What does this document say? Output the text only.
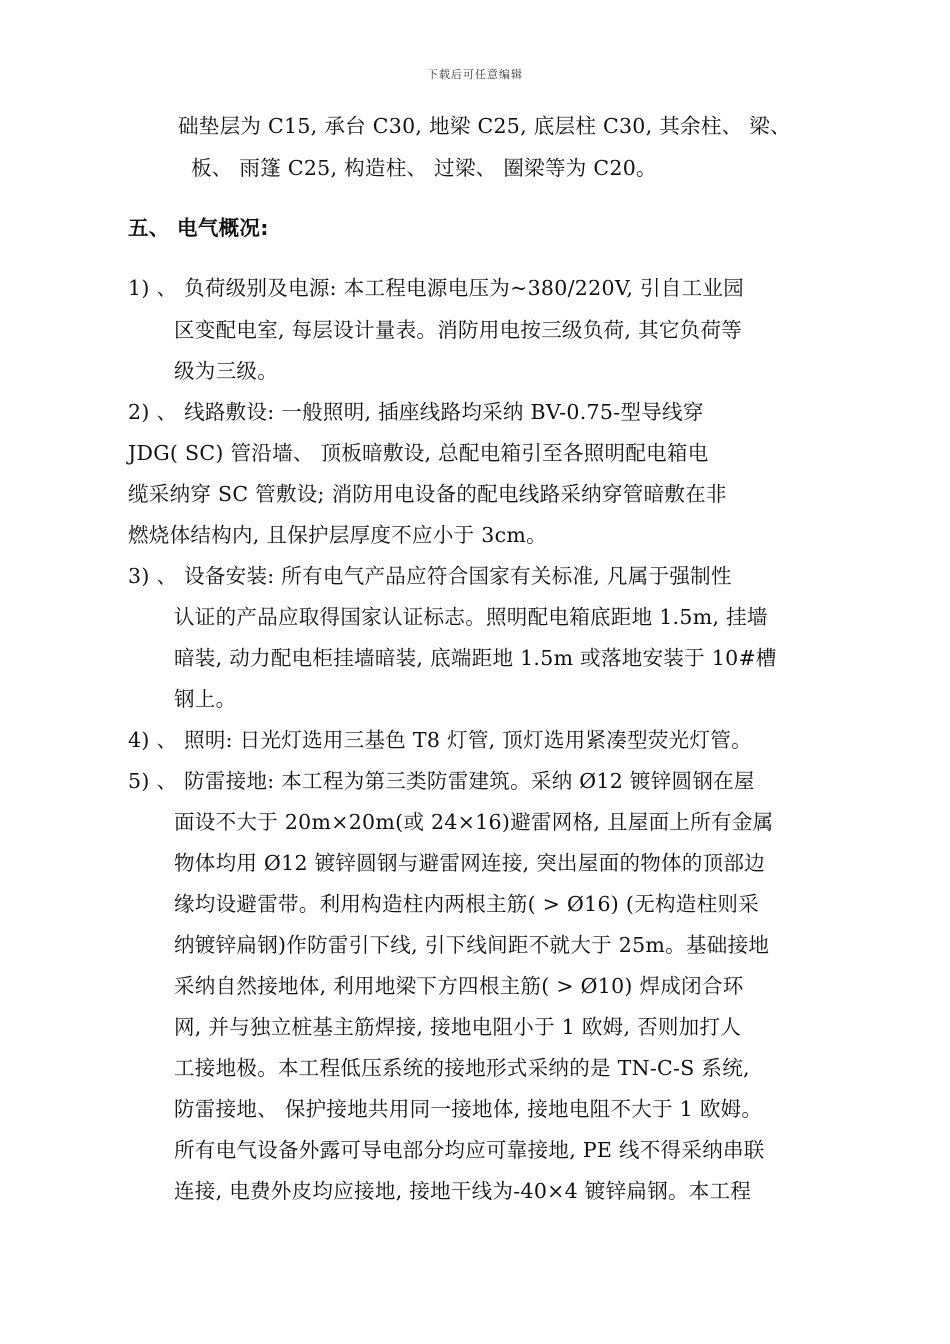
下载后可任意编辑
础垫层为 C15, 承台 C30, 地梁 C25, 底层柱 C30, 其余柱、 梁、
板、 雨篷 C25, 构造柱、 过梁、 圈梁等为 C20。
五、 电气概况:
1) 、 负荷级别及电源: 本工程电源电压为~380/220V, 引自工业园
区变配电室, 每层设计量表。消防用电按三级负荷, 其它负荷等
级为三级。
2) 、 线路敷设: 一般照明, 插座线路均采纳 BV-0.75-型导线穿
JDG( SC) 管沿墙、 顶板暗敷设, 总配电箱引至各照明配电箱电
缆采纳穿 SC 管敷设; 消防用电设备的配电线路采纳穿管暗敷在非
燃烧体结构内, 且保护层厚度不应小于 3cm。
3) 、 设备安装: 所有电气产品应符合国家有关标准, 凡属于强制性
认证的产品应取得国家认证标志。照明配电箱底距地 1.5m, 挂墙
暗装, 动力配电柜挂墙暗装, 底端距地 1.5m 或落地安装于 10#槽
钢上。
4) 、 照明: 日光灯选用三基色 T8 灯管, 顶灯选用紧凑型荧光灯管。
5) 、 防雷接地: 本工程为第三类防雷建筑。采纳 Ø12 镀锌圆钢在屋
面设不大于 20m×20m(或 24×16)避雷网格, 且屋面上所有金属
物体均用 Ø12 镀锌圆钢与避雷网连接, 突出屋面的物体的顶部边
缘均设避雷带。利用构造柱内两根主筋( > Ø16) (无构造柱则采
纳镀锌扁钢)作防雷引下线, 引下线间距不就大于 25m。基础接地
采纳自然接地体, 利用地梁下方四根主筋( > Ø10) 焊成闭合环
网, 并与独立桩基主筋焊接, 接地电阻小于 1 欧姆, 否则加打人
工接地极。本工程低压系统的接地形式采纳的是 TN-C-S 系统,
防雷接地、 保护接地共用同一接地体, 接地电阻不大于 1 欧姆。
所有电气设备外露可导电部分均应可靠接地, PE 线不得采纳串联
连接, 电费外皮均应接地, 接地干线为-40×4 镀锌扁钢。本工程
